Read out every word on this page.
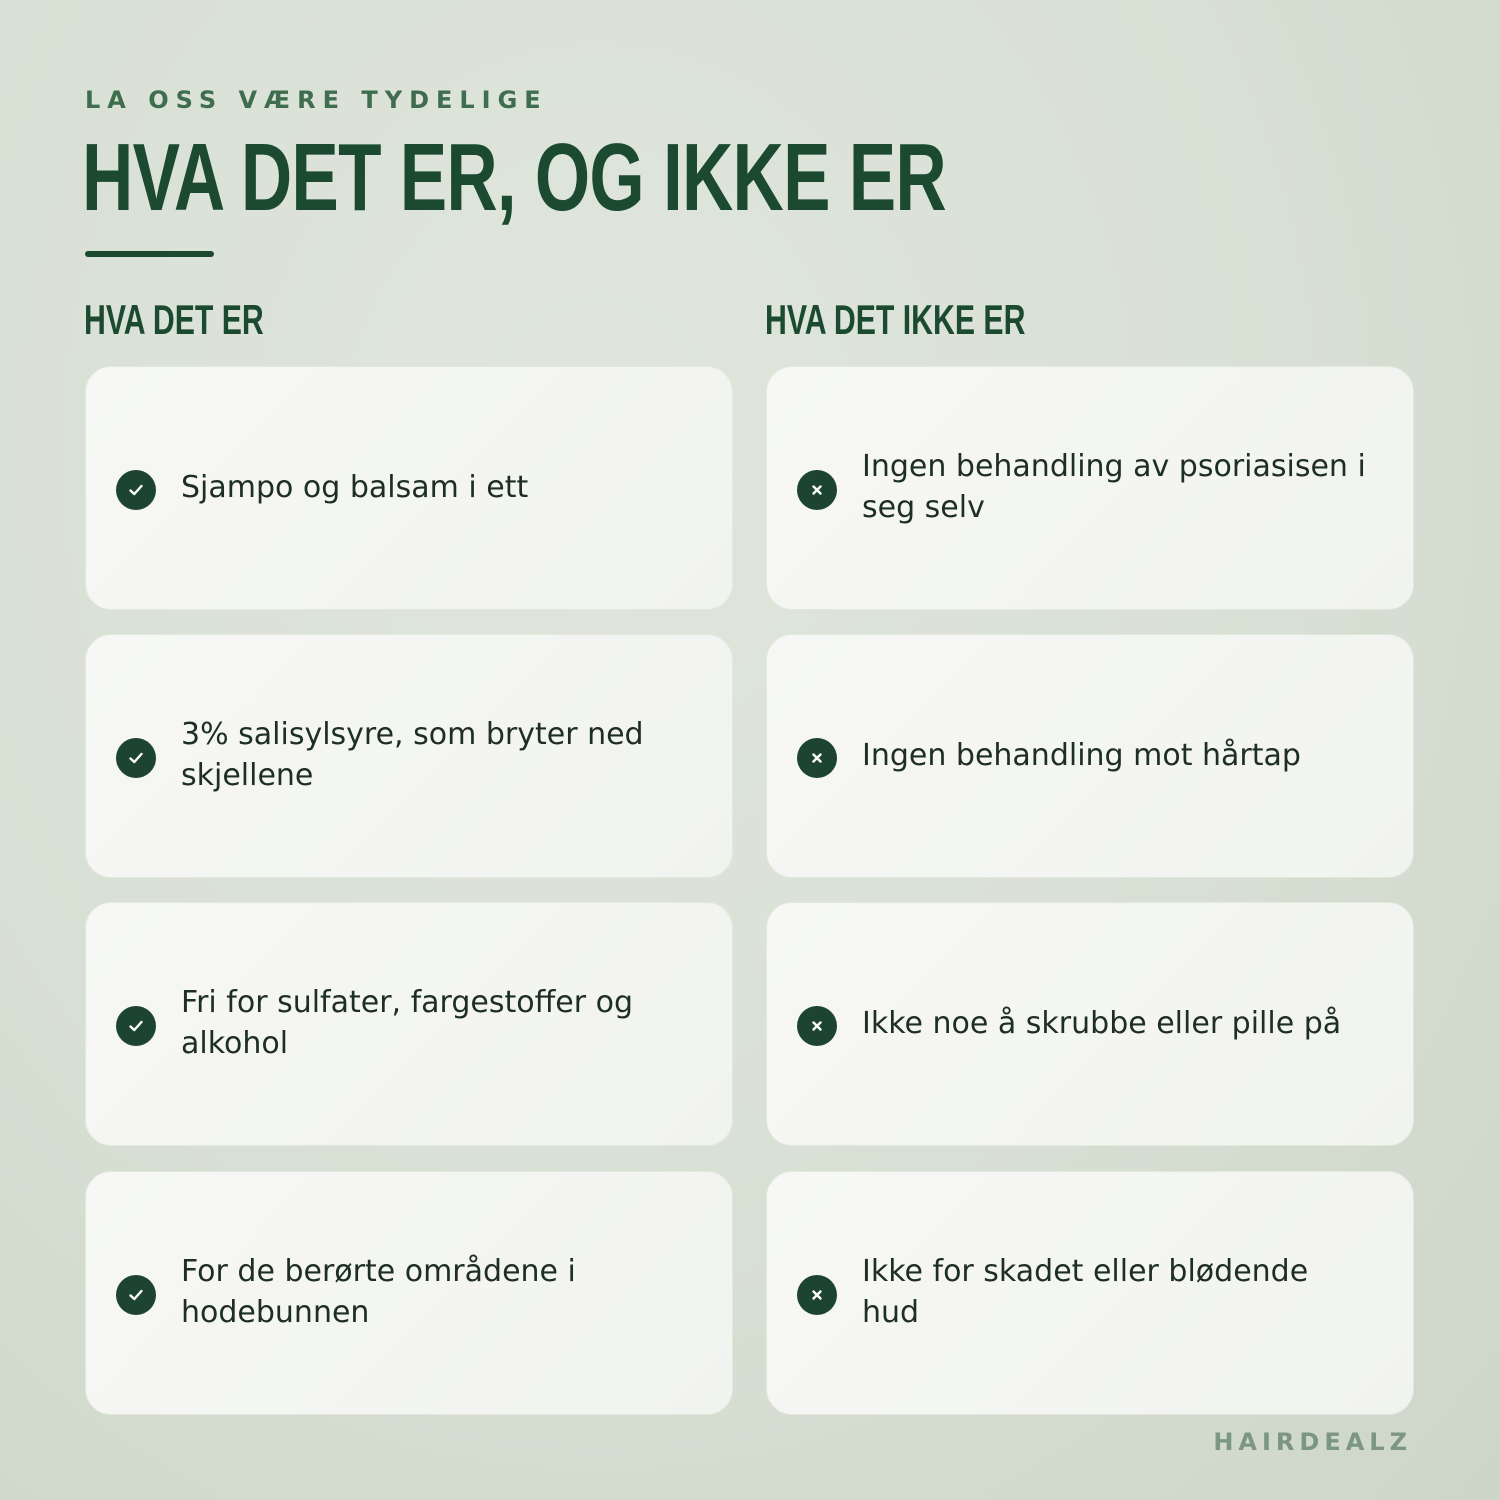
LA OSS VÆRE TYDELIGE
HVA DET ER, OG IKKE ER
HVA DET ER	HVA DET IKKE ER
Sjampo og balsam i ett
3% salisylsyre, som bryter ned skjellene
Fri for sulfater, fargestoffer og alkohol
For de berørte områdene i hodebunnen
Ingen behandling av psoriasisen i seg selv
Ingen behandling mot hårtap
Ikke noe å skrubbe eller pille på
Ikke for skadet eller blødende hud
HAIRDEALZ
